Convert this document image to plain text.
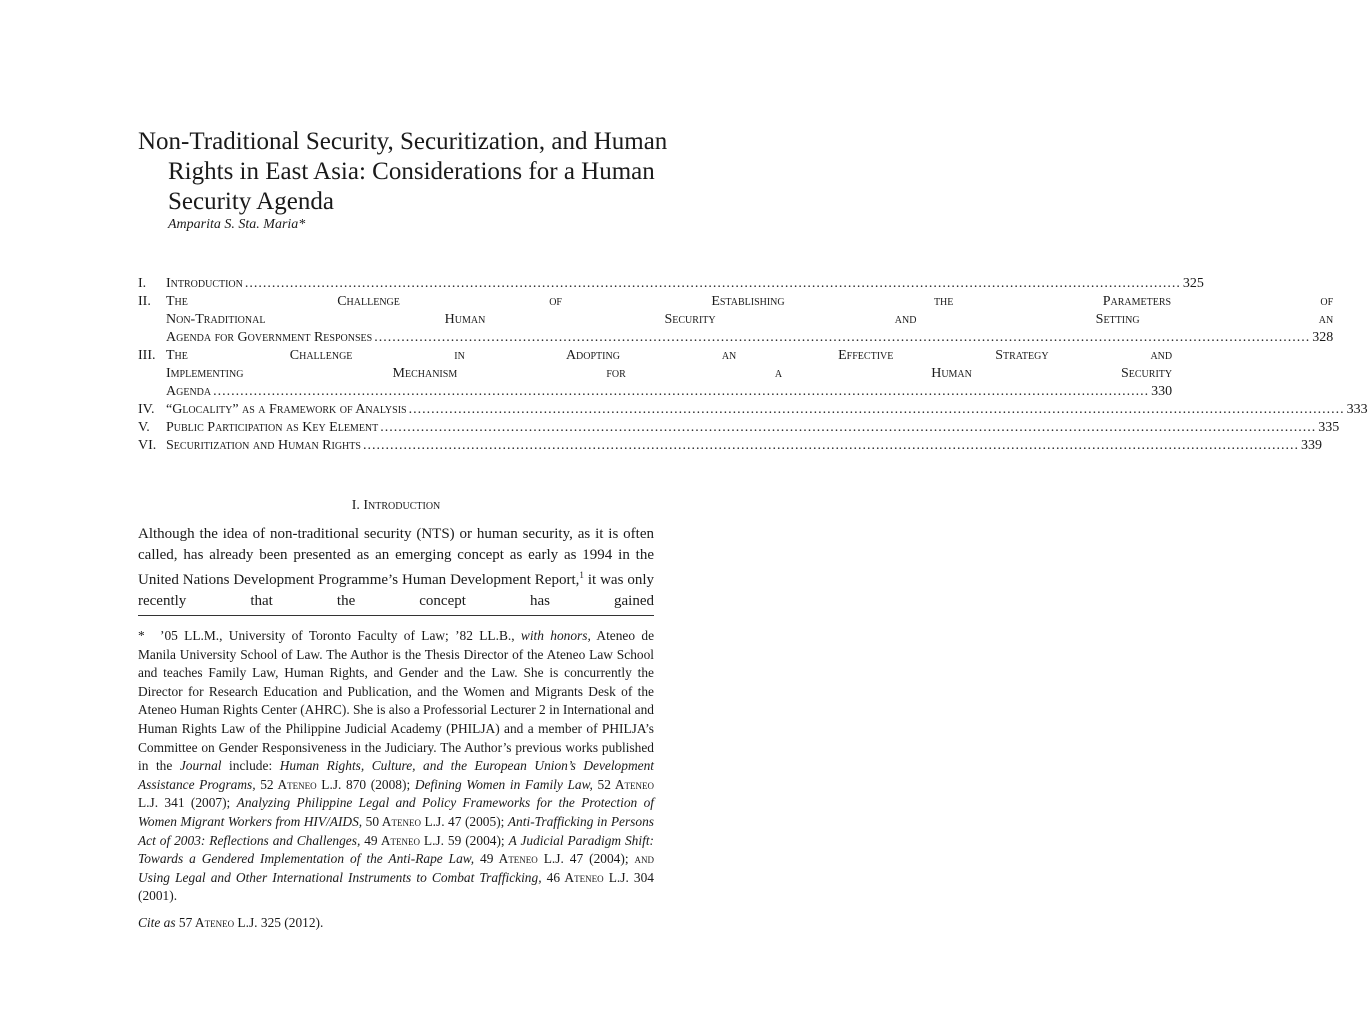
Non-Traditional Security, Securitization, and Human Rights in East Asia: Considerations for a Human Security Agenda
Amparita S. Sta. Maria*
I.	Introduction .....	325
II.	The Challenge of Establishing the Parameters of
Non-Traditional Human Security and Setting an
Agenda for Government Responses .....	328
III. The Challenge in Adopting an Effective Strategy and
Implementing Mechanism for a Human Security
Agenda .....	330
IV. “Glocality” as a Framework of Analysis .....	333
V.	Public Participation as Key Element .....	335
VI. Securitization and Human Rights .....	339
I. Introduction

Although the idea of non-traditional security (NTS) or human security, as it is often called, has already been presented as an emerging concept as early as 1994 in the United Nations Development Programme’s Human Development Report,$^1$ it was only recently that the concept has gained

* ’05 LL.M., University of Toronto Faculty of Law; ’82 LL.B., with honors, Ateneo de Manila University School of Law. The Author is the Thesis Director of the Ateneo Law School and teaches Family Law, Human Rights, and Gender and the Law. She is concurrently the Director for Research Education and Publication, and the Women and Migrants Desk of the Ateneo Human Rights Center (AHRC). She is also a Professorial Lecturer 2 in International and Human Rights Law of the Philippine Judicial Academy (PHILJA) and a member of PHILJA’s Committee on Gender Responsiveness in the Judiciary. The Author’s previous works published in the Journal include: Human Rights, Culture, and the European Union’s Development Assistance Programs, 52 Ateneo L.J. 870 (2008); Defining Women in Family Law, 52 Ateneo L.J. 341 (2007); Analyzing Philippine Legal and Policy Frameworks for the Protection of Women Migrant Workers from HIV/AIDS, 50 Ateneo L.J. 47 (2005); Anti-Trafficking in Persons Act of 2003: Reflections and Challenges, 49 Ateneo L.J. 59 (2004); A Judicial Paradigm Shift: Towards a Gendered Implementation of the Anti-Rape Law, 49 Ateneo L.J. 47 (2004); and Using Legal and Other International Instruments to Combat Trafficking, 46 Ateneo L.J. 304 (2001).

Cite as 57 Ateneo L.J. 325 (2012).
